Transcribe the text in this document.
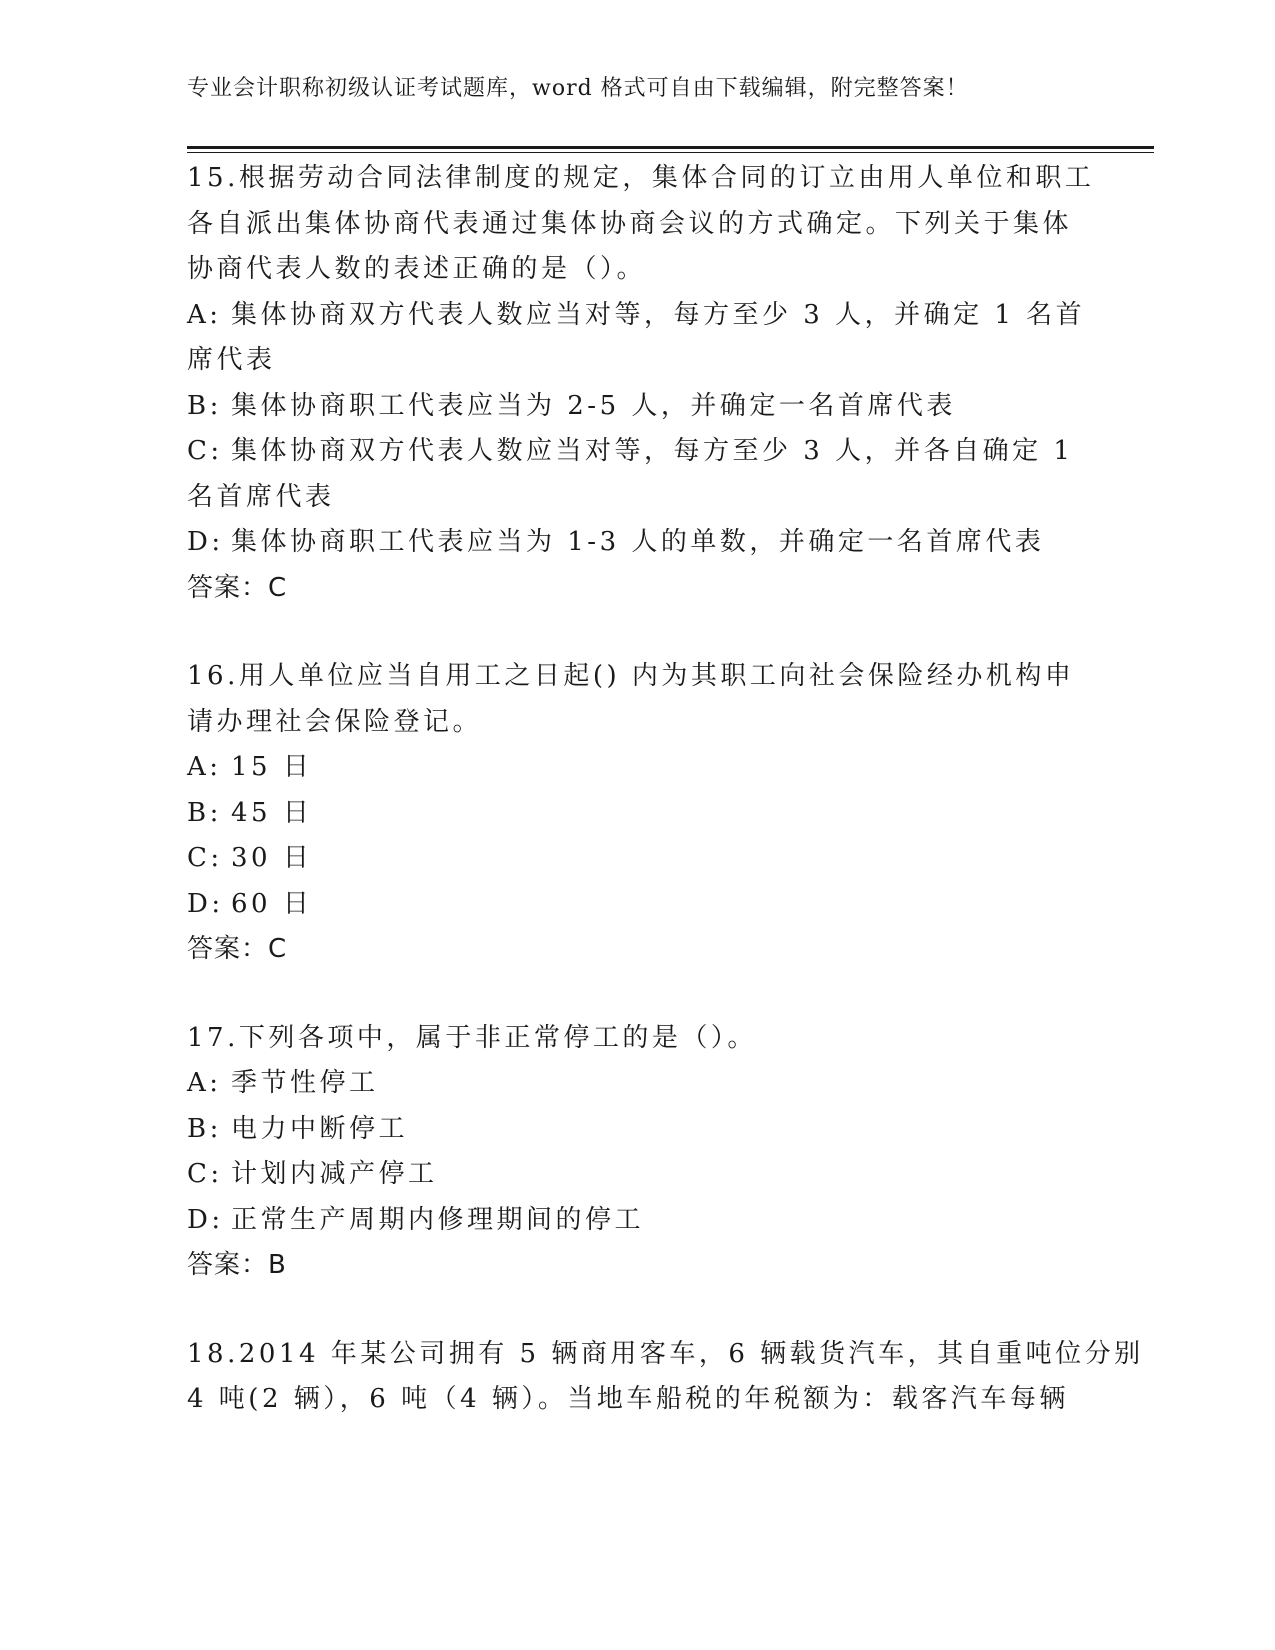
专业会计职称初级认证考试题库，word 格式可自由下载编辑，附完整答案！
15.根据劳动合同法律制度的规定，集体合同的订立由用人单位和职工
各自派出集体协商代表通过集体协商会议的方式确定。下列关于集体
协商代表人数的表述正确的是（）。
A: 集体协商双方代表人数应当对等，每方至少 3 人，并确定 1 名首
席代表
B: 集体协商职工代表应当为 2-5 人，并确定一名首席代表
C: 集体协商双方代表人数应当对等，每方至少 3 人，并各自确定 1
名首席代表
D: 集体协商职工代表应当为 1-3 人的单数，并确定一名首席代表
答案：C
16.用人单位应当自用工之日起() 内为其职工向社会保险经办机构申
请办理社会保险登记。
A: 15 日
B: 45 日
C: 30 日
D: 60 日
答案：C
17.下列各项中，属于非正常停工的是（）。
A: 季节性停工
B: 电力中断停工
C: 计划内减产停工
D: 正常生产周期内修理期间的停工
答案：B
18.2014 年某公司拥有 5 辆商用客车，6 辆载货汽车，其自重吨位分别
4 吨(2 辆），6 吨（4 辆）。当地车船税的年税额为：载客汽车每辆
